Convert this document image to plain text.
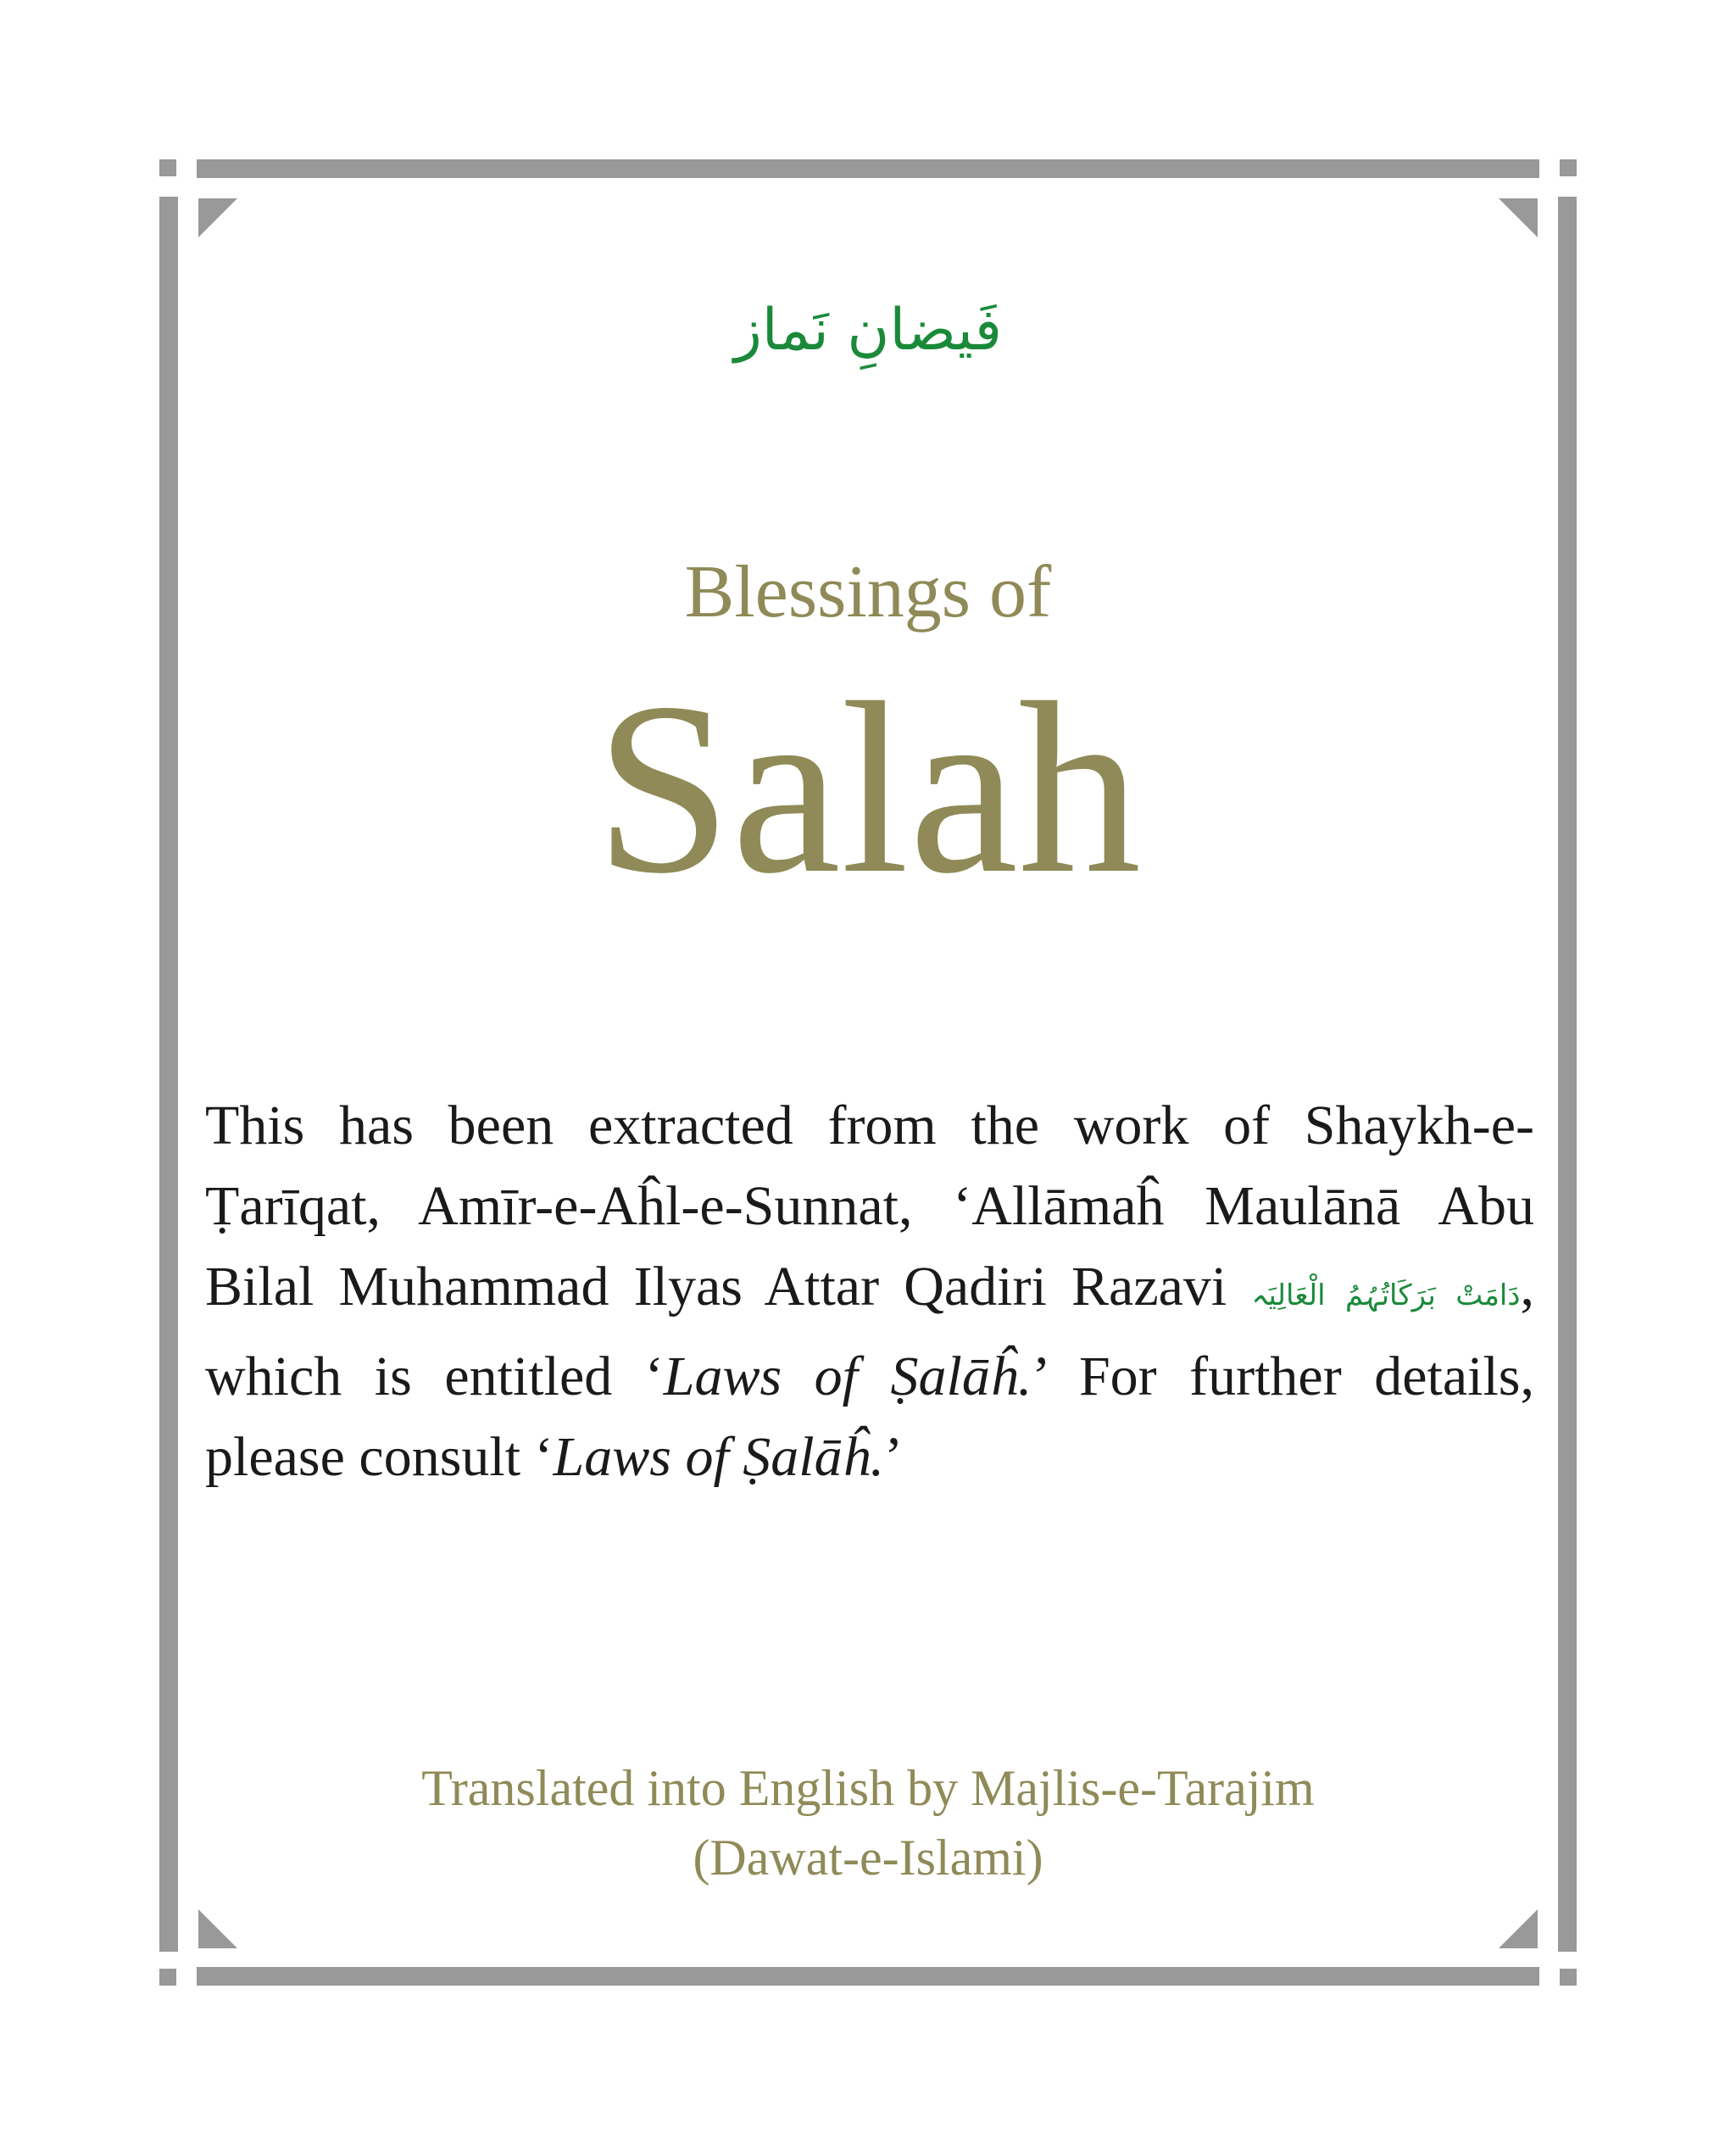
فَیضانِ نَماز
Blessings of
Salah
This has been extracted from the work of Shaykh-e-Ṭarīqat, Amīr-e-Aĥl-e-Sunnat, ‘Allāmaĥ Maulānā Abu Bilal Muhammad Ilyas Attar Qadiri Razavi دَامَتْ بَرَکَاتُہُمُ الْعَالِیَہ, which is entitled ‘Laws of Ṣalāĥ.’ For further details, please consult ‘Laws of Ṣalāĥ.’
Translated into English by Majlis-e-Tarajim
(Dawat-e-Islami)
